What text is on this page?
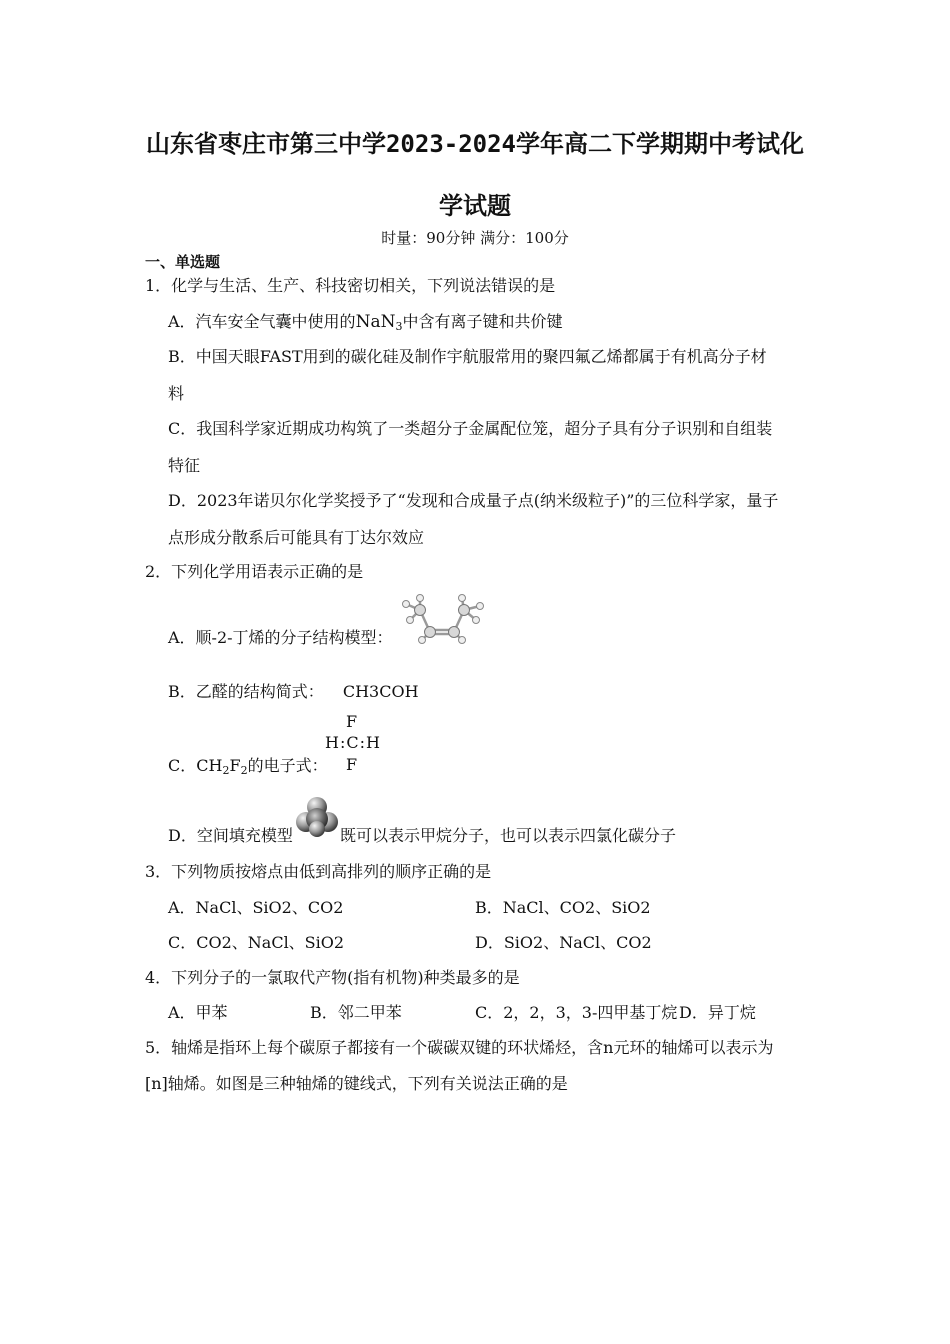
山东省枣庄市第三中学2023-2024学年高二下学期期中考试化
学试题
时量：90分钟 满分：100分
一、单选题
1．化学与生活、生产、科技密切相关，下列说法错误的是
A．汽车安全气囊中使用的NaN$_3$中含有离子键和共价键
B．中国天眼FAST用到的碳化硅及制作宇航服常用的聚四氟乙烯都属于有机高分子材
料
C．我国科学家近期成功构筑了一类超分子金属配位笼，超分子具有分子识别和自组装
特征
D．2023年诺贝尔化学奖授予了“发现和合成量子点(纳米级粒子)”的三位科学家，量子
点形成分散系后可能具有丁达尔效应
2．下列化学用语表示正确的是
A．顺-2-丁烯的分子结构模型：
B．乙醛的结构简式： CH3COH
C．$CH_2F_2$的电子式：
F
H:C:H
F
D．空间填充模型	既可以表示甲烷分子，也可以表示四氯化碳分子
3．下列物质按熔点由低到高排列的顺序正确的是
A．NaCl、SiO2、CO2	B．NaCl、CO2、SiO2
C．CO2、NaCl、SiO2	D．SiO2、NaCl、CO2
4．下列分子的一氯取代产物(指有机物)种类最多的是
A．甲苯	B．邻二甲苯	C．2，2，3，3-四甲基丁烷 D．异丁烷
5．轴烯是指环上每个碳原子都接有一个碳碳双键的环状烯烃，含n元环的轴烯可以表示为
[n]轴烯。如图是三种轴烯的键线式，下列有关说法正确的是
